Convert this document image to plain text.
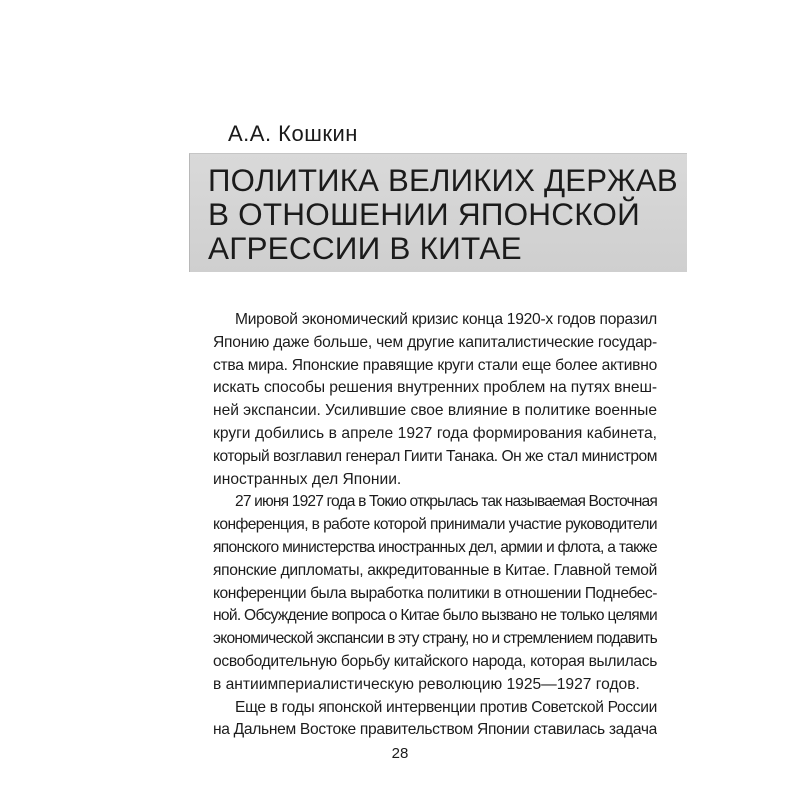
А.А. Кошкин
ПОЛИТИКА ВЕЛИКИХ ДЕРЖАВ
В ОТНОШЕНИИ ЯПОНСКОЙ
АГРЕССИИ В КИТАЕ
Мировой экономический кризис конца 1920-х годов поразил
Японию даже больше, чем другие капиталистические государ-
ства мира. Японские правящие круги стали еще более активно
искать способы решения внутренних проблем на путях внеш-
ней экспансии. Усилившие свое влияние в политике военные
круги добились в апреле 1927 года формирования кабинета,
который возглавил генерал Гиити Танака. Он же стал министром
иностранных дел Японии.
27 июня 1927 года в Токио открылась так называемая Восточная
конференция, в работе которой принимали участие руководители
японского министерства иностранных дел, армии и флота, а также
японские дипломаты, аккредитованные в Китае. Главной темой
конференции была выработка политики в отношении Поднебес-
ной. Обсуждение вопроса о Китае было вызвано не только целями
экономической экспансии в эту страну, но и стремлением подавить
освободительную борьбу китайского народа, которая вылилась
в антиимпериалистическую революцию 1925—1927 годов.
Еще в годы японской интервенции против Советской России
на Дальнем Востоке правительством Японии ставилась задача
28
